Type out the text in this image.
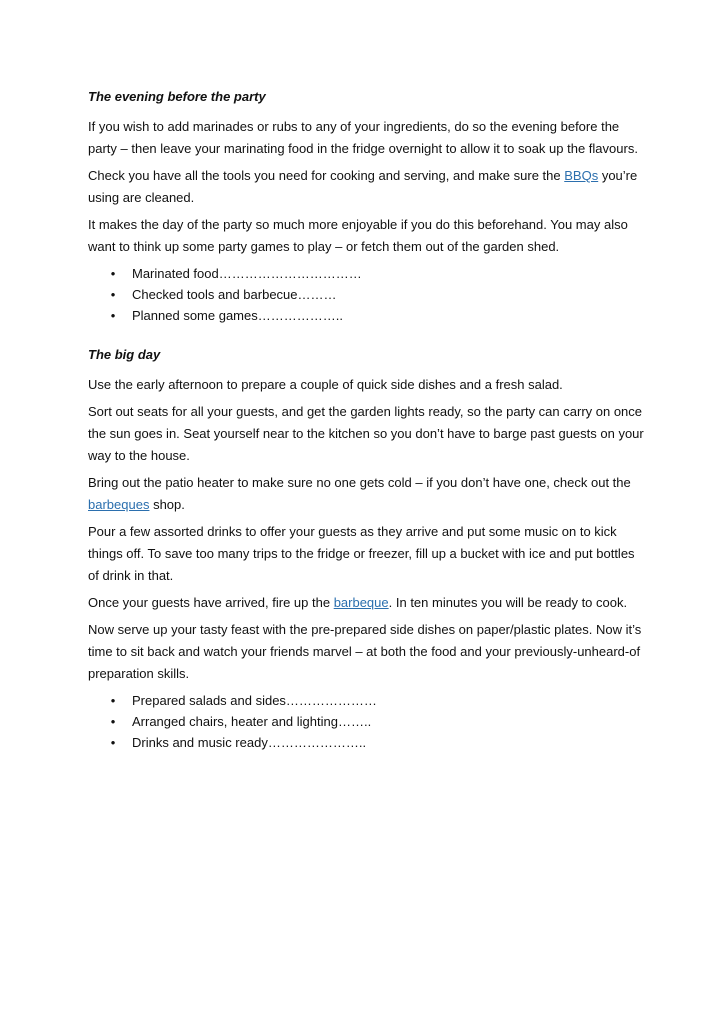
The evening before the party

If you wish to add marinades or rubs to any of your ingredients, do so the evening before the party – then leave your marinating food in the fridge overnight to allow it to soak up the flavours.

Check you have all the tools you need for cooking and serving, and make sure the BBQs you’re using are cleaned.

It makes the day of the party so much more enjoyable if you do this beforehand. You may also want to think up some party games to play – or fetch them out of the garden shed.

• Marinated food……………………………
• Checked tools and barbecue………
• Planned some games………………..
The big day

Use the early afternoon to prepare a couple of quick side dishes and a fresh salad.

Sort out seats for all your guests, and get the garden lights ready, so the party can carry on once the sun goes in. Seat yourself near to the kitchen so you don’t have to barge past guests on your way to the house.

Bring out the patio heater to make sure no one gets cold – if you don’t have one, check out the barbeques shop.

Pour a few assorted drinks to offer your guests as they arrive and put some music on to kick things off. To save too many trips to the fridge or freezer, fill up a bucket with ice and put bottles of drink in that.

Once your guests have arrived, fire up the barbeque. In ten minutes you will be ready to cook.

Now serve up your tasty feast with the pre-prepared side dishes on paper/plastic plates. Now it’s time to sit back and watch your friends marvel – at both the food and your previously-unheard-of preparation skills.

• Prepared salads and sides…………………
• Arranged chairs, heater and lighting……..
• Drinks and music ready…………………..
